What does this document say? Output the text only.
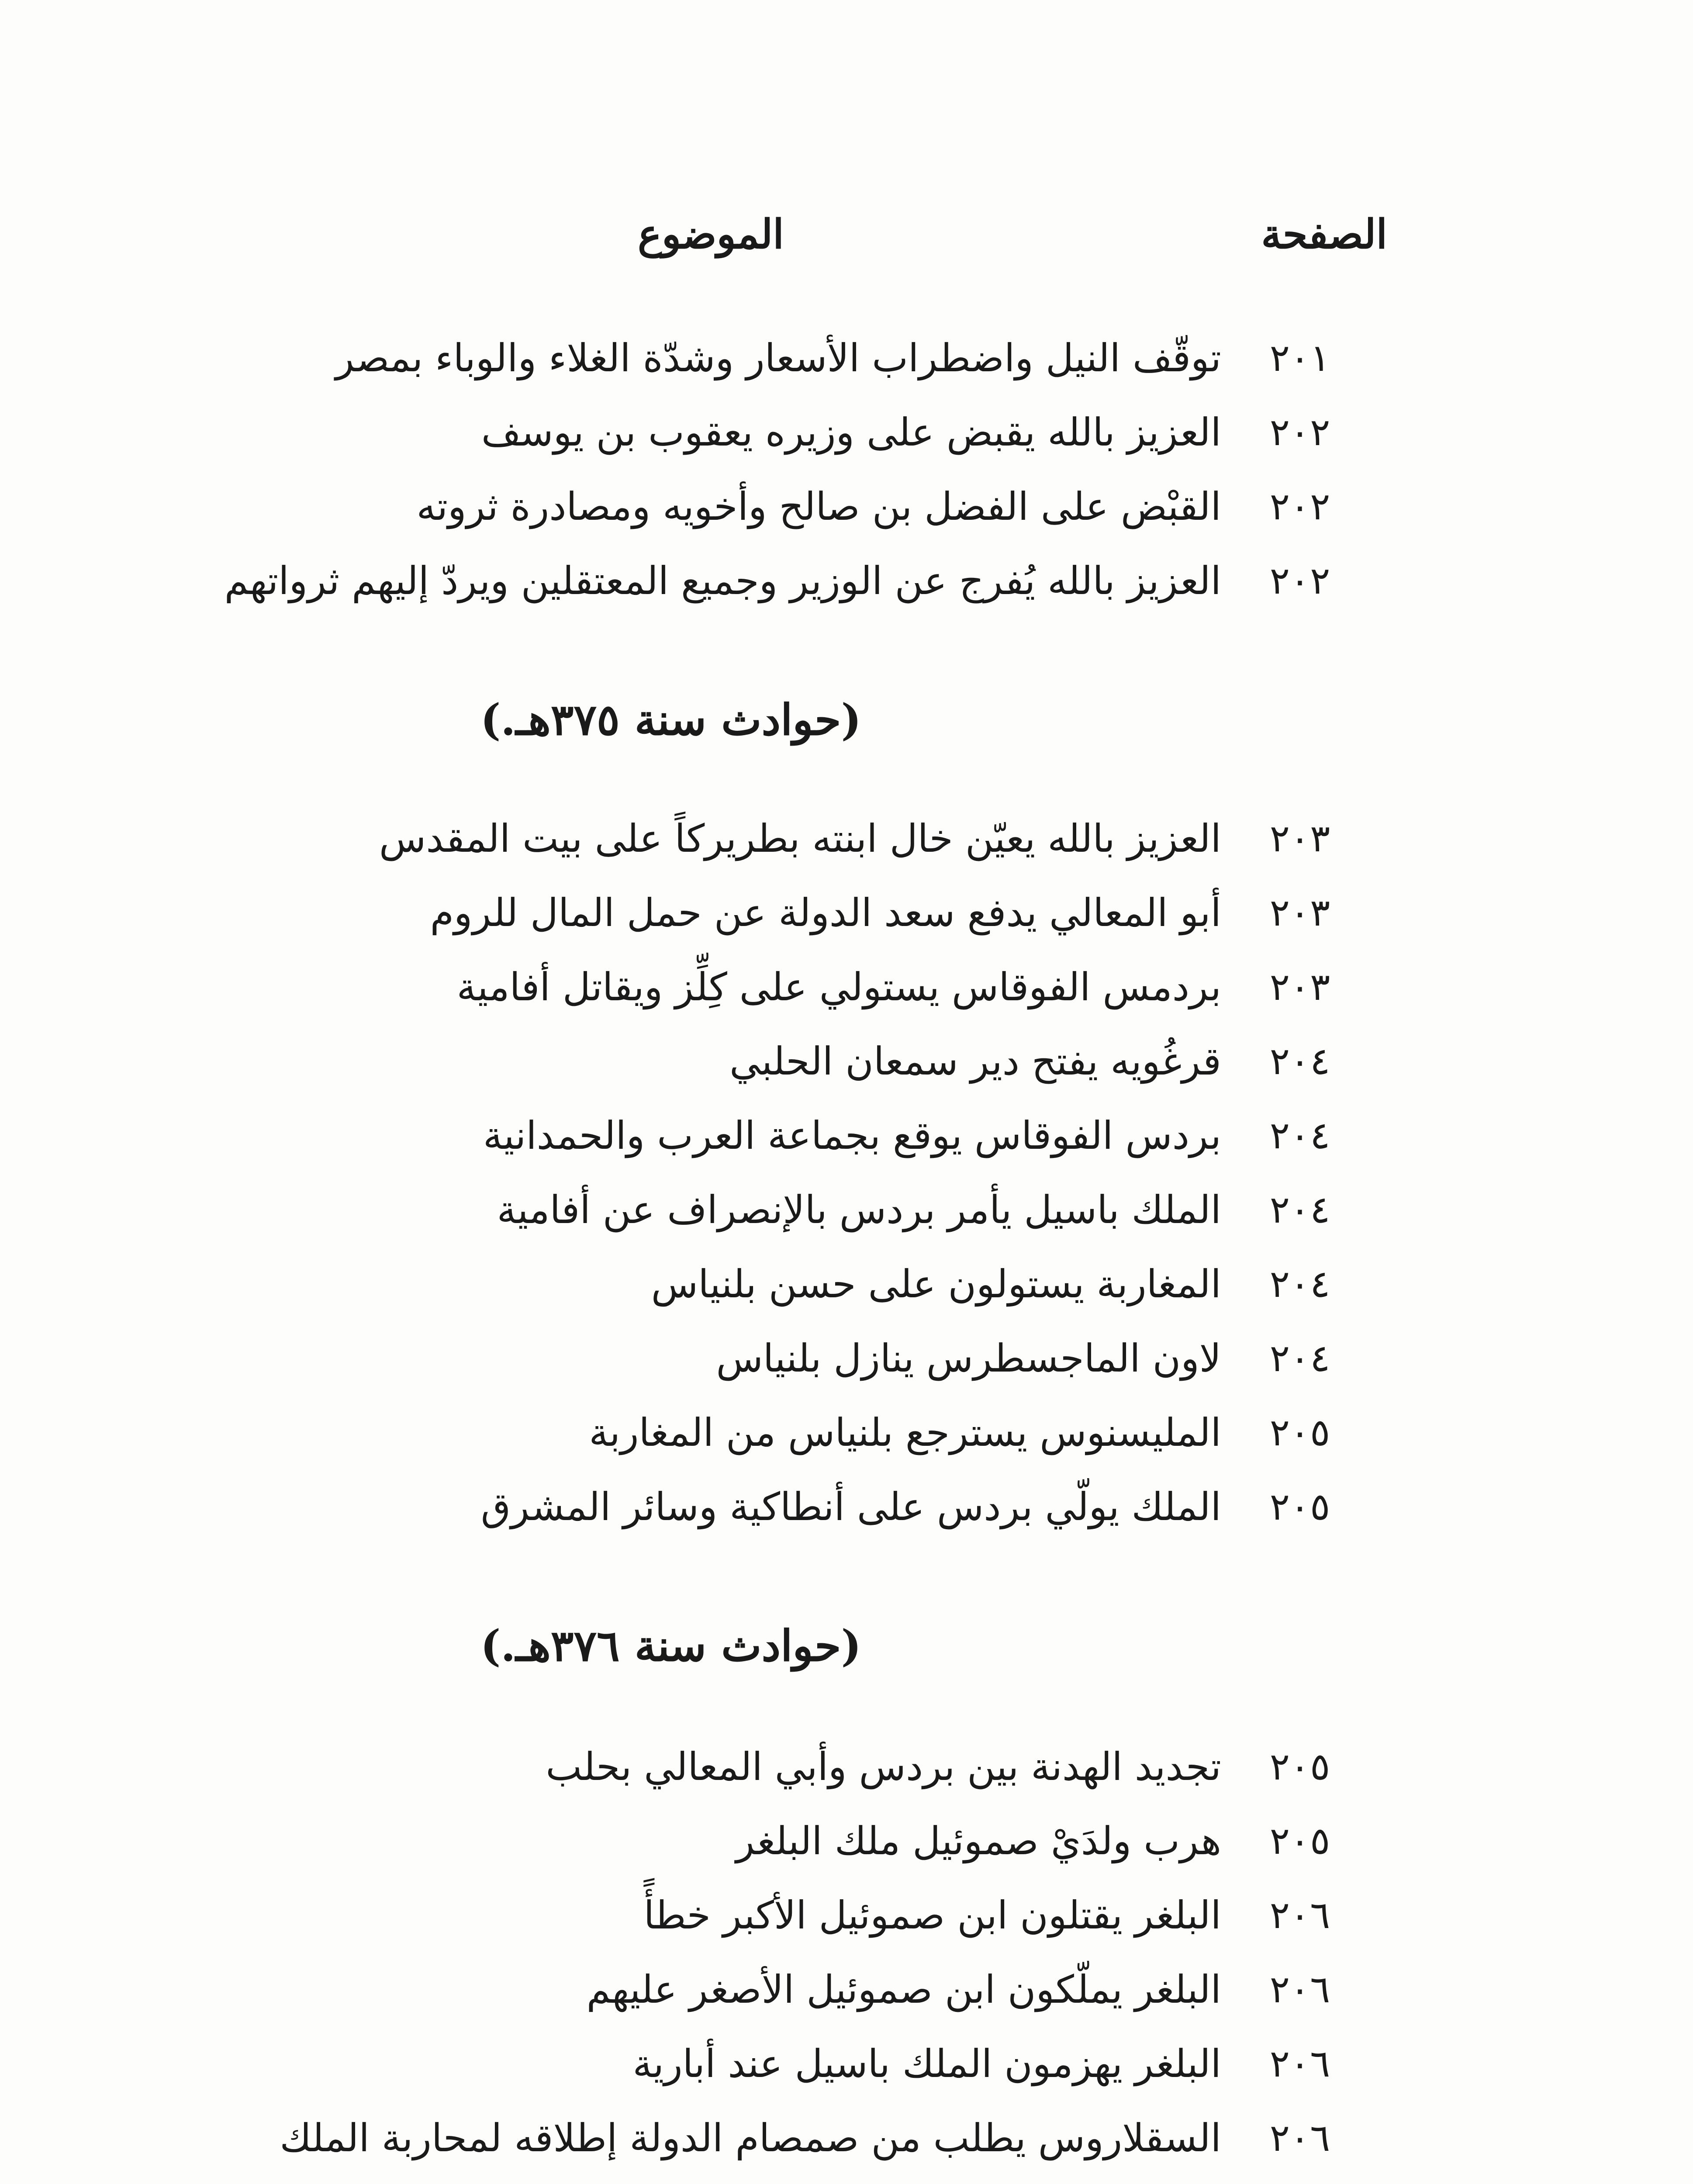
الصفحة
الموضوع
٢٠١
توقّف النيل واضطراب الأسعار وشدّة الغلاء والوباء بمصر
٢٠٢
العزيز بالله يقبض على وزيره يعقوب بن يوسف
٢٠٢
القبْض على الفضل بن صالح وأخويه ومصادرة ثروته
٢٠٢
العزيز بالله يُفرج عن الوزير وجميع المعتقلين ويردّ إليهم ثرواتهم
(حوادث سنة ٣٧٥هـ.)
٢٠٣
العزيز بالله يعيّن خال ابنته بطريركاً على بيت المقدس
٢٠٣
أبو المعالي يدفع سعد الدولة عن حمل المال للروم
٢٠٣
بردمس الفوقاس يستولي على كِلِّز ويقاتل أفامية
٢٠٤
قرغُويه يفتح دير سمعان الحلبي
٢٠٤
بردس الفوقاس يوقع بجماعة العرب والحمدانية
٢٠٤
الملك باسيل يأمر بردس بالإنصراف عن أفامية
٢٠٤
المغاربة يستولون على حسن بلنياس
٢٠٤
لاون الماجسطرس ينازل بلنياس
٢٠٥
المليسنوس يسترجع بلنياس من المغاربة
٢٠٥
الملك يولّي بردس على أنطاكية وسائر المشرق
(حوادث سنة ٣٧٦هـ.)
٢٠٥
تجديد الهدنة بين بردس وأبي المعالي بحلب
٢٠٥
هرب ولدَيْ صموئيل ملك البلغر
٢٠٦
البلغر يقتلون ابن صموئيل الأكبر خطأً
٢٠٦
البلغر يملّكون ابن صموئيل الأصغر عليهم
٢٠٦
البلغر يهزمون الملك باسيل عند أبارية
٢٠٦
السقلاروس يطلب من صمصام الدولة إطلاقه لمحاربة الملك
